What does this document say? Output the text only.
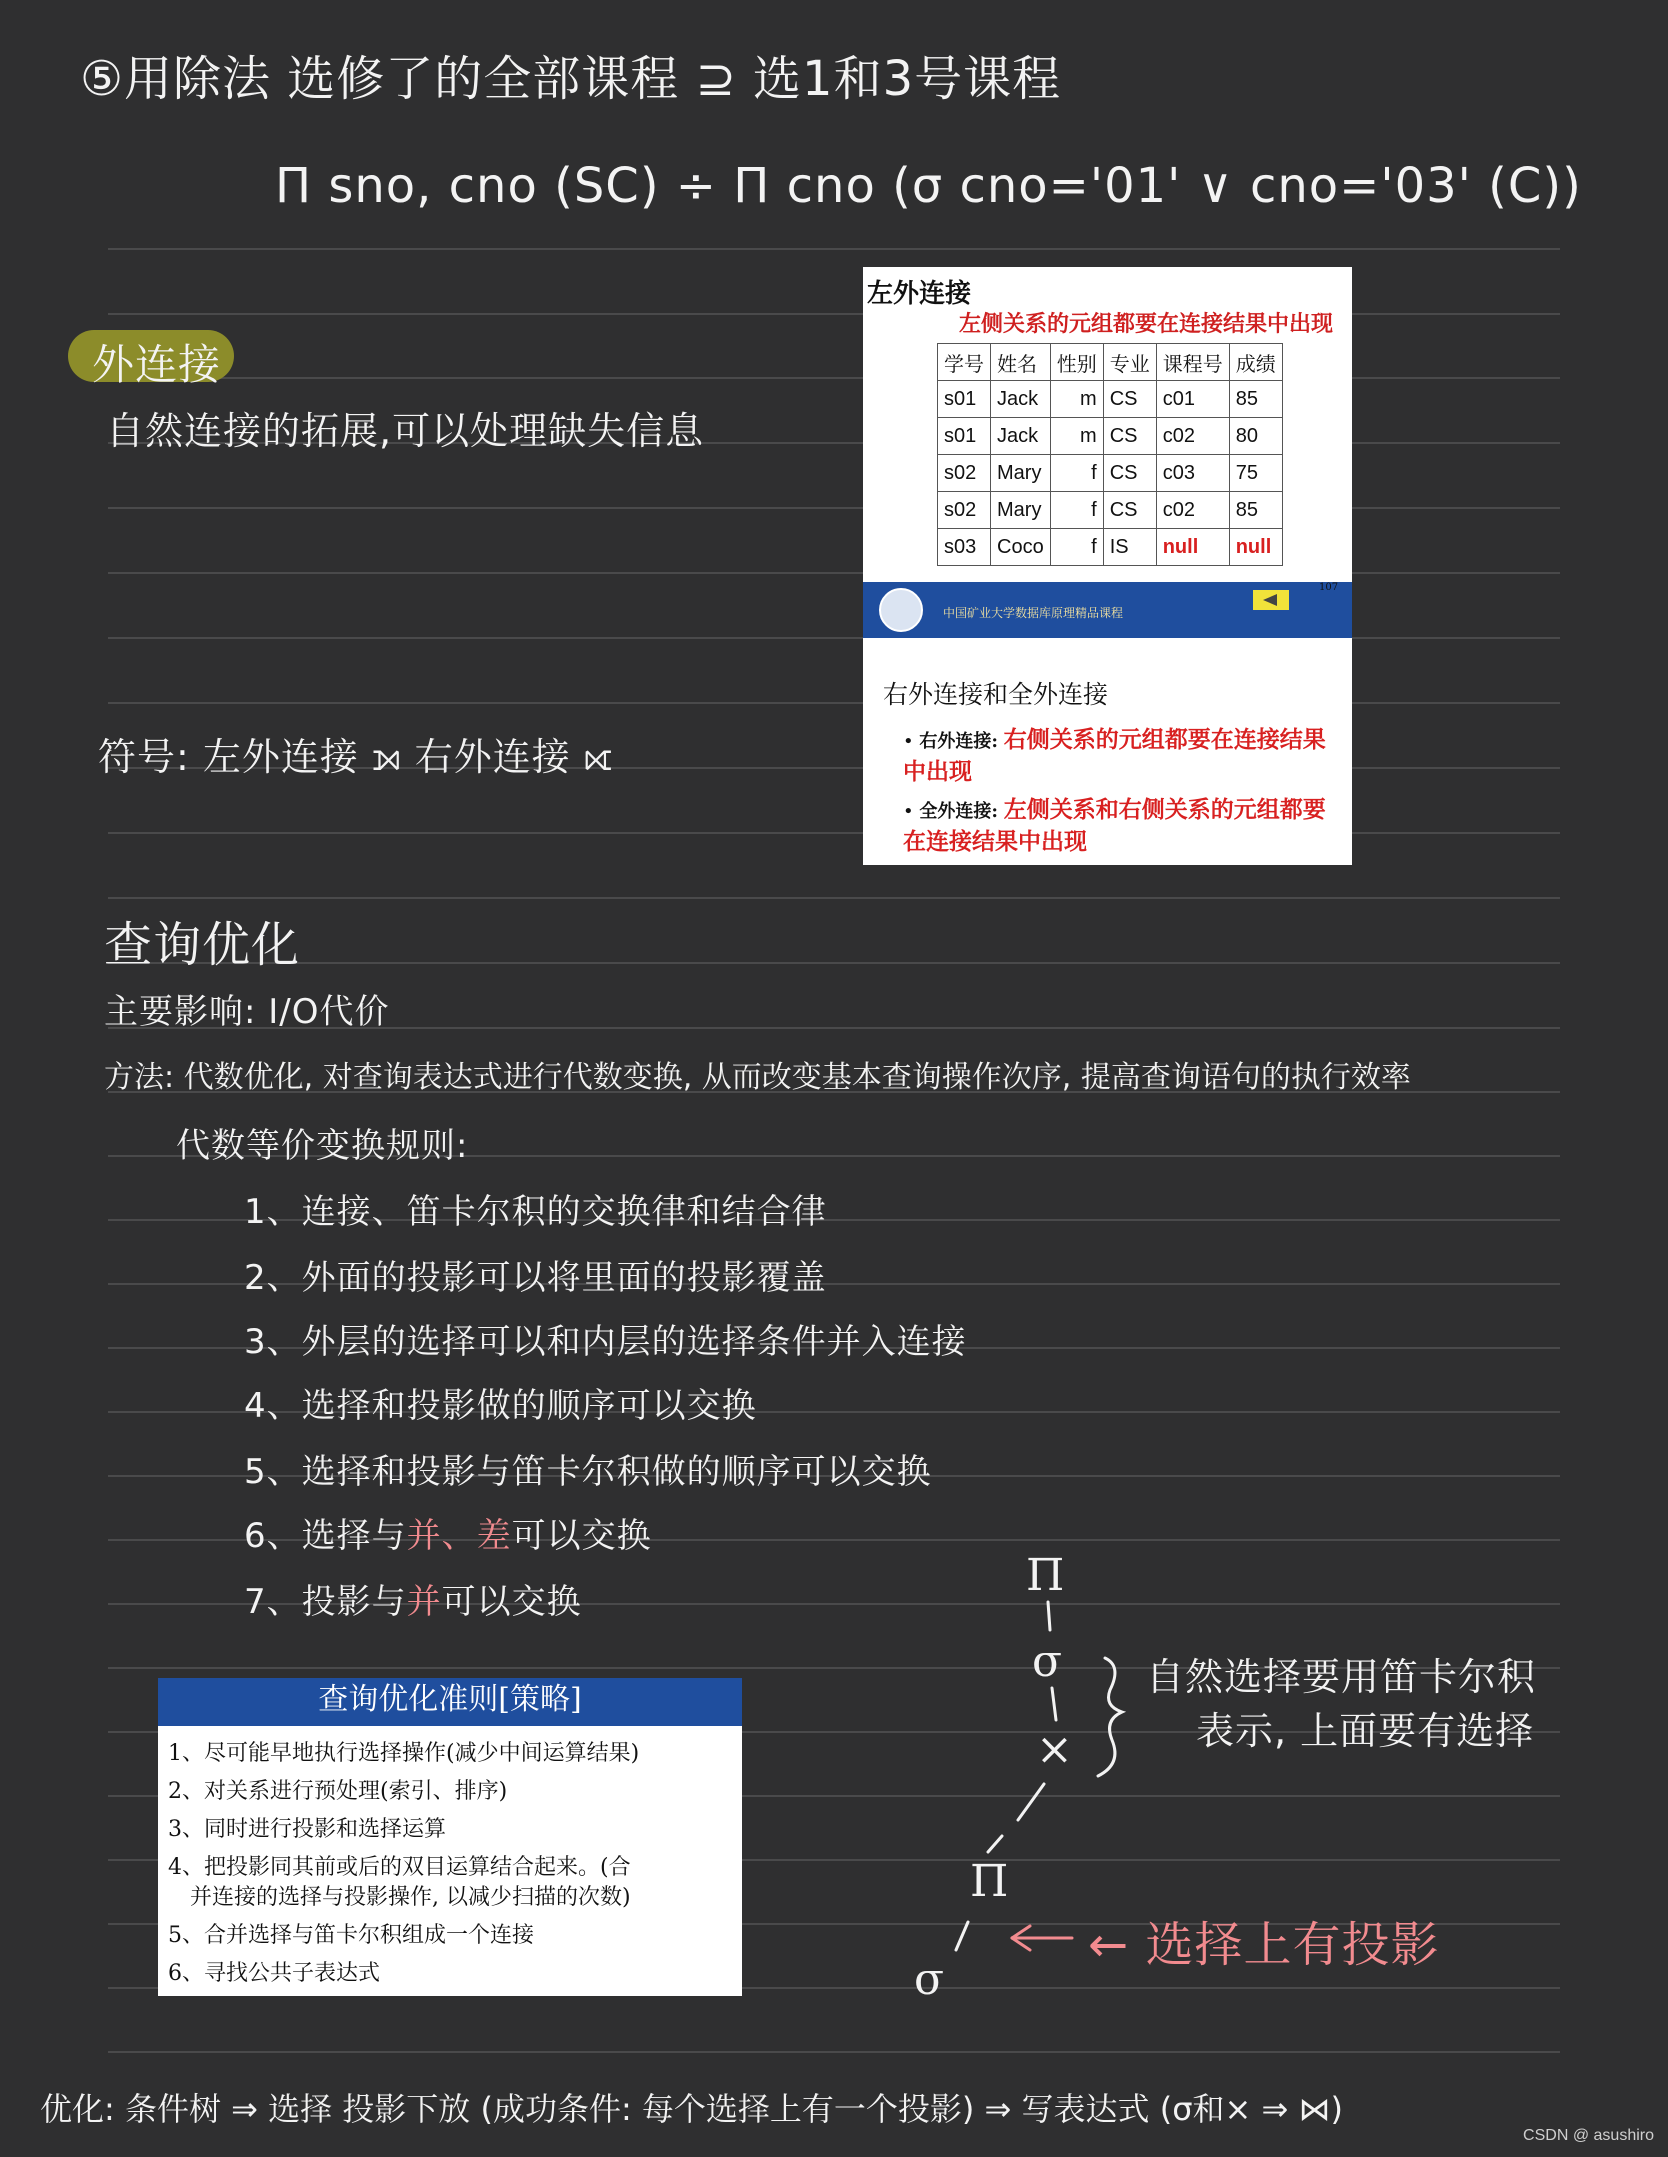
⑤用除法 选修了的全部课程 ⊇ 选1和3号课程
Π sno, cno (SC) ÷ Π cno (σ cno='01' ∨ cno='03' (C))
外连接
自然连接的拓展,可以处理缺失信息
符号: 左外连接 ⟕ 右外连接 ⟖
查询优化
主要影响: I/O代价
方法: 代数优化, 对查询表达式进行代数变换, 从而改变基本查询操作次序, 提高查询语句的执行效率
代数等价变换规则:
1、连接、笛卡尔积的交换律和结合律
2、外面的投影可以将里面的投影覆盖
3、外层的选择可以和内层的选择条件并入连接
4、选择和投影做的顺序可以交换
5、选择和投影与笛卡尔积做的顺序可以交换
6、选择与并、差可以交换
7、投影与并可以交换
左外连接
左侧关系的元组都要在连接结果中出现
学号	姓名	性别	专业	课程号	成绩
s01	Jack	m	CS	c01	85
s01	Jack	m	CS	c02	80
s02	Mary	f	CS	c03	75
s02	Mary	f	CS	c02	85
s03	Coco	f	IS	null	null
中国矿业大学数据库原理精品课程
107
右外连接和全外连接
• 右外连接: 右侧关系的元组都要在连接结果中出现
• 全外连接: 左侧关系和右侧关系的元组都要在连接结果中出现
查询优化准则[策略]
1、尽可能早地执行选择操作(减少中间运算结果)
2、对关系进行预处理(索引、排序)
3、同时进行投影和选择运算
4、把投影同其前或后的双目运算结合起来。(合
并连接的选择与投影操作, 以减少扫描的次数)
5、合并选择与笛卡尔积组成一个连接
6、寻找公共子表达式
Π
σ
×
Π
σ
自然选择要用笛卡尔积
表示, 上面要有选择
← 选择上有投影
优化: 条件树 ⇒ 选择 投影下放 (成功条件: 每个选择上有一个投影) ⇒ 写表达式 (σ和× ⇒ ⋈)
CSDN @ asushiro
